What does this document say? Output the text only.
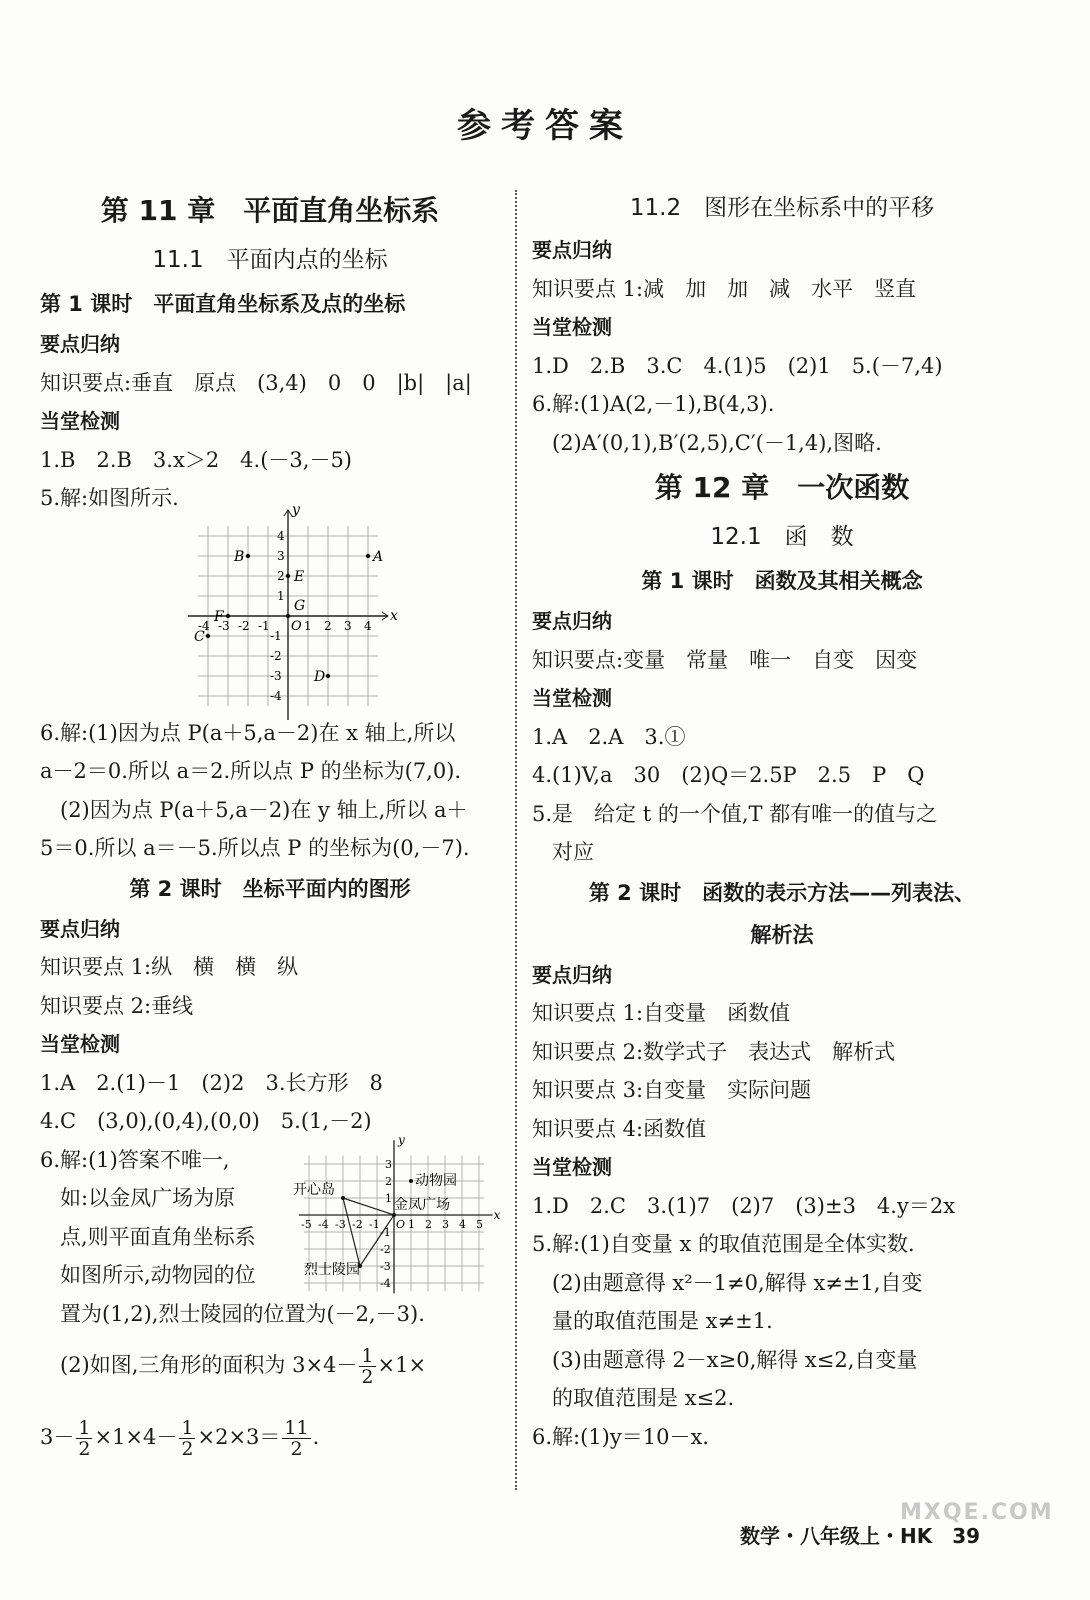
参考答案
第 11 章　平面直角坐标系
11.1　平面内点的坐标
第 1 课时　平面直角坐标系及点的坐标
要点归纳
知识要点:垂直　原点　(3,4)　0　0　|b|　|a|
当堂检测
1.B　2.B　3.x＞2　4.(－3,－5)
5.解:如图所示.
x
y
O
-4 -3 -2 -1	1 2 3 4
4
3
2
1
-1
-2
-3
-4
A
B
C
D
E
F
G
6.解:(1)因为点 P(a＋5,a－2)在 x 轴上,所以
a－2＝0.所以 a＝2.所以点 P 的坐标为(7,0).
(2)因为点 P(a＋5,a－2)在 y 轴上,所以 a＋
5＝0.所以 a＝－5.所以点 P 的坐标为(0,－7).
第 2 课时　坐标平面内的图形
要点归纳
知识要点 1:纵　横　横　纵
知识要点 2:垂线
当堂检测
1.A　2.(1)－1　(2)2　3.长方形　8
4.C　(3,0),(0,4),(0,0)　5.(1,－2)
6.解:(1)答案不唯一,
如:以金凤广场为原
点,则平面直角坐标系
如图所示,动物园的位
x
y
O
-5 -4 -3 -2 -1	1 2 3 4 5
3
2
1
-1
-2
-3
-4
开心岛
动物园
金凤广场
烈士陵园
置为(1,2),烈士陵园的位置为(－2,－3).
(2)如图,三角形的面积为 $3\times 4- \frac{1}{2} \times 1\times$
$3- \frac{1}{2} \times 1\times 4- \frac{1}{2} \times 2\times 3= \frac{11}{2}$ .
11.2　图形在坐标系中的平移
要点归纳
知识要点 1:减　加　加　减　水平　竖直
当堂检测
1.D　2.B　3.C　4.(1)5　(2)1　5.(－7,4)
6.解:(1)A(2,－1),B(4,3).
(2)A′(0,1),B′(2,5),C′(－1,4),图略.
第 12 章　一次函数
12.1　函　数
第 1 课时　函数及其相关概念
要点归纳
知识要点:变量　常量　唯一　自变　因变
当堂检测
1.A　2.A　3.①
4.(1)V,a　30　(2)Q＝2.5P　2.5　P　Q
5.是　给定 t 的一个值,T 都有唯一的值与之
对应
第 2 课时　函数的表示方法——列表法、
解析法
要点归纳
知识要点 1:自变量　函数值
知识要点 2:数学式子　表达式　解析式
知识要点 3:自变量　实际问题
知识要点 4:函数值
当堂检测
1.D　2.C　3.(1)7　(2)7　(3)±3　4.y＝2x
5.解:(1)自变量 x 的取值范围是全体实数.
(2)由题意得 x²－1≠0,解得 x≠±1,自变
量的取值范围是 x≠±1.
(3)由题意得 2－x≥0,解得 x≤2,自变量
的取值范围是 x≤2.
6.解:(1)y＝10－x.
数学・八年级上・HK　39
MXQE.COM
